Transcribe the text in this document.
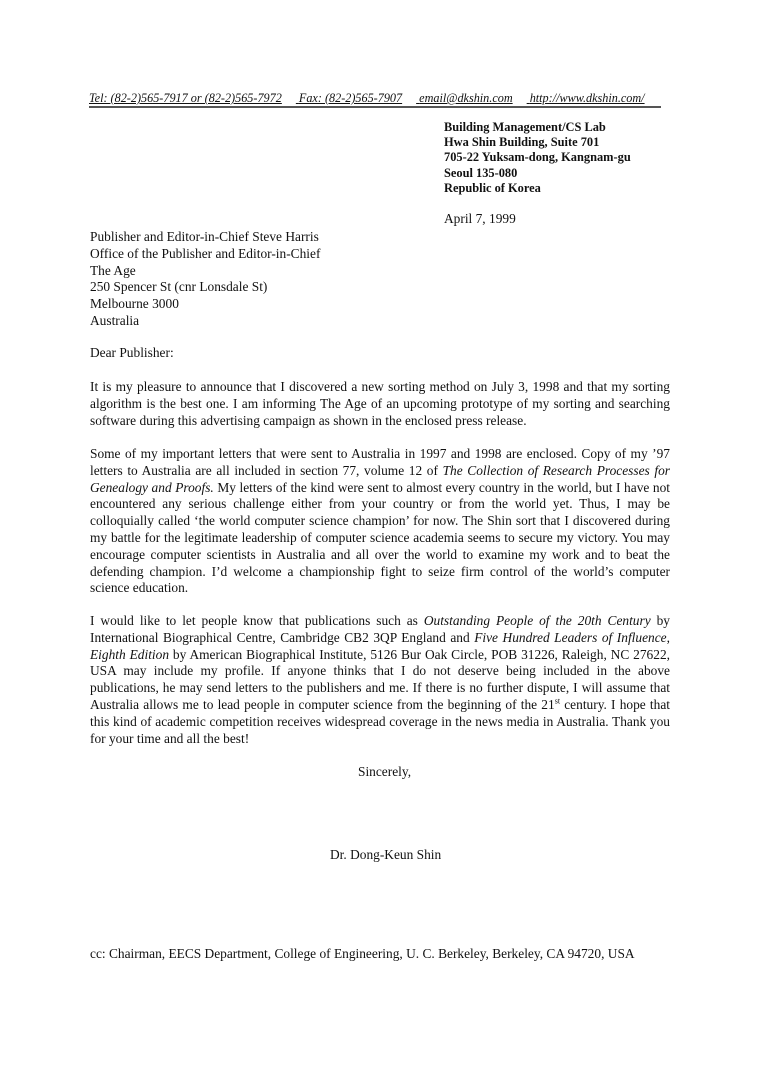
Tel: (82-2)565-7917 or (82-2)565-7972 Fax: (82-2)565-7907 email@dkshin.com http://www.dkshin.com/
Building Management/CS Lab
Hwa Shin Building, Suite 701
705-22 Yuksam-dong, Kangnam-gu
Seoul 135-080
Republic of Korea
April 7, 1999
Publisher and Editor-in-Chief Steve Harris
Office of the Publisher and Editor-in-Chief
The Age
250 Spencer St (cnr Lonsdale St)
Melbourne 3000
Australia
Dear Publisher:
It is my pleasure to announce that I discovered a new sorting method on July 3, 1998 and that my sorting algorithm is the best one. I am informing The Age of an upcoming prototype of my sorting and searching software during this advertising campaign as shown in the enclosed press release.
Some of my important letters that were sent to Australia in 1997 and 1998 are enclosed. Copy of my ’97 letters to Australia are all included in section 77, volume 12 of The Collection of Research Processes for Genealogy and Proofs. My letters of the kind were sent to almost every country in the world, but I have not encountered any serious challenge either from your country or from the world yet. Thus, I may be colloquially called ‘the world computer science champion’ for now. The Shin sort that I discovered during my battle for the legitimate leadership of computer science academia seems to secure my victory. You may encourage computer scientists in Australia and all over the world to examine my work and to beat the defending champion. I’d welcome a championship fight to seize firm control of the world’s computer science education.
I would like to let people know that publications such as Outstanding People of the 20th Century by International Biographical Centre, Cambridge CB2 3QP England and Five Hundred Leaders of Influence, Eighth Edition by American Biographical Institute, 5126 Bur Oak Circle, POB 31226, Raleigh, NC 27622, USA may include my profile. If anyone thinks that I do not deserve being included in the above publications, he may send letters to the publishers and me. If there is no further dispute, I will assume that Australia allows me to lead people in computer science from the beginning of the 21st century. I hope that this kind of academic competition receives widespread coverage in the news media in Australia. Thank you for your time and all the best!
Sincerely,
Dr. Dong-Keun Shin
cc: Chairman, EECS Department, College of Engineering, U. C. Berkeley, Berkeley, CA 94720, USA
